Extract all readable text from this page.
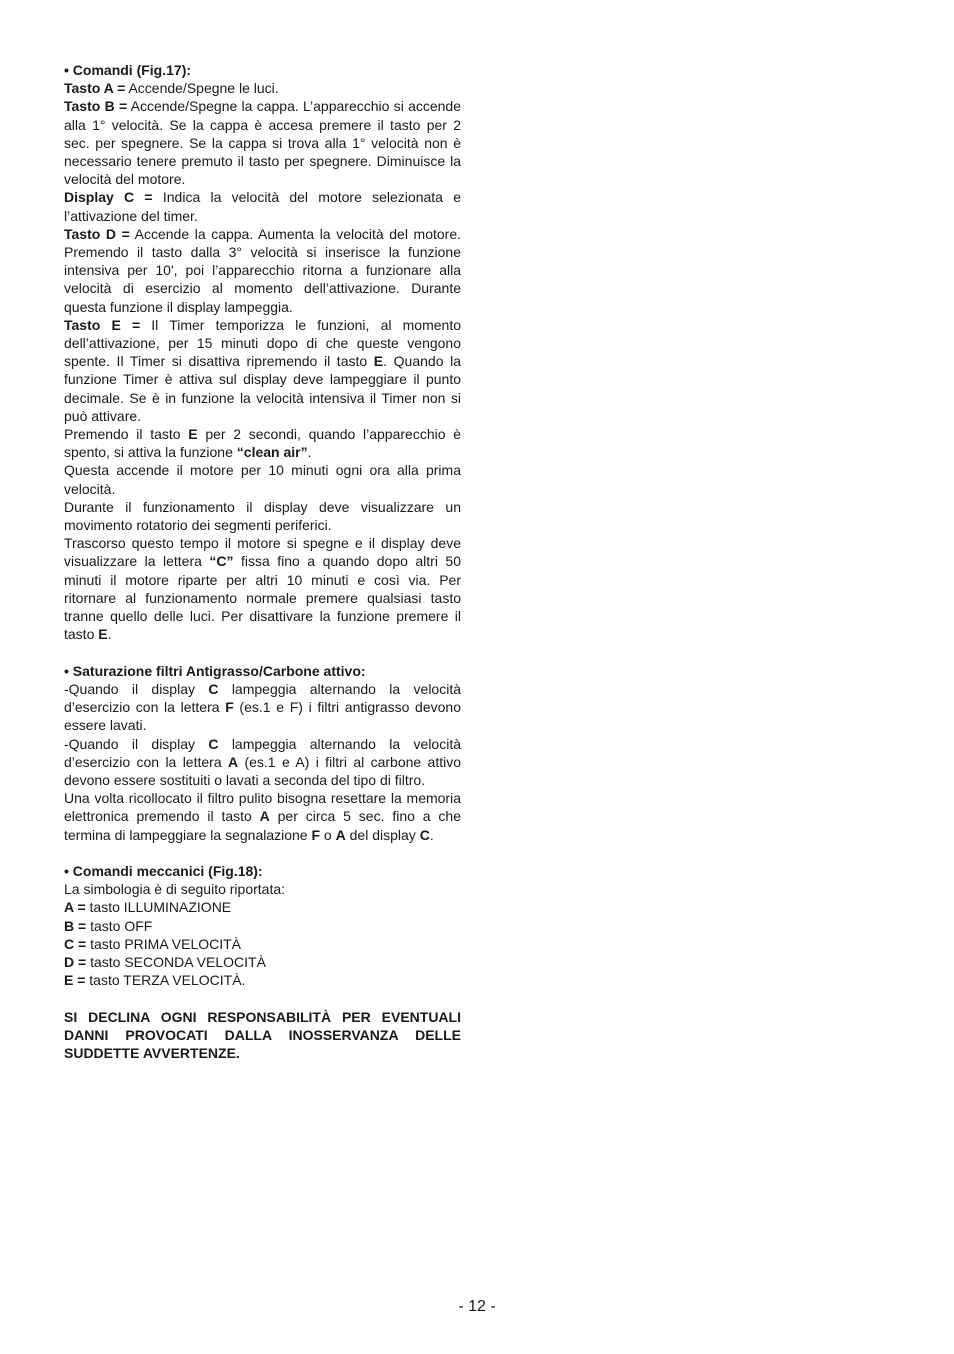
• Comandi (Fig.17):

Tasto A = Accende/Spegne le luci.

Tasto B = Accende/Spegne la cappa. L’apparecchio si accende alla 1° velocità. Se la cappa è accesa premere il tasto per 2 sec. per spegnere. Se la cappa si trova alla 1° velocità non è necessario tenere premuto il tasto per spegnere. Diminuisce la velocità del motore.

Display C = Indica la velocità del motore selezionata e l’attivazione del timer.

Tasto D = Accende la cappa. Aumenta la velocità del motore. Premendo il tasto dalla 3° velocità si inserisce la funzione intensiva per 10', poi l’apparecchio ritorna a funzionare alla velocità di esercizio al momento dell’attivazione. Durante questa funzione il display lampeggia.

Tasto E = Il Timer temporizza le funzioni, al momento dell’attivazione, per 15 minuti dopo di che queste vengono spente. Il Timer si disattiva ripremendo il tasto E. Quando la funzione Timer è attiva sul display deve lampeggiare il punto decimale. Se è in funzione la velocità intensiva il Timer non si può attivare.

Premendo il tasto E per 2 secondi, quando l’apparecchio è spento, si attiva la funzione “clean air”.

Questa accende il motore per 10 minuti ogni ora alla prima velocità.

Durante il funzionamento il display deve visualizzare un movimento rotatorio dei segmenti periferici.

Trascorso questo tempo il motore si spegne e il display deve visualizzare la lettera “C” fissa fino a quando dopo altri 50 minuti il motore riparte per altri 10 minuti e così via. Per ritornare al funzionamento normale premere qualsiasi tasto tranne quello delle luci. Per disattivare la funzione premere il tasto E.

• Saturazione filtri Antigrasso/Carbone attivo:

-Quando il display C lampeggia alternando la velocità d’esercizio con la lettera F (es.1 e F) i filtri antigrasso devono essere lavati.

-Quando il display C lampeggia alternando la velocità d’esercizio con la lettera A (es.1 e A) i filtri al carbone attivo devono essere sostituiti o lavati a seconda del tipo di filtro.

Una volta ricollocato il filtro pulito bisogna resettare la memoria elettronica premendo il tasto A per circa 5 sec. fino a che termina di lampeggiare la segnalazione F o A del display C.

• Comandi meccanici (Fig.18):

La simbologia è di seguito riportata:

A = tasto ILLUMINAZIONE

B = tasto OFF

C = tasto PRIMA VELOCITÀ

D = tasto SECONDA VELOCITÀ

E = tasto TERZA VELOCITÀ.

SI DECLINA OGNI RESPONSABILITÀ PER EVENTUALI DANNI PROVOCATI DALLA INOSSERVANZA DELLE SUDDETTE AVVERTENZE.

- 12 -
